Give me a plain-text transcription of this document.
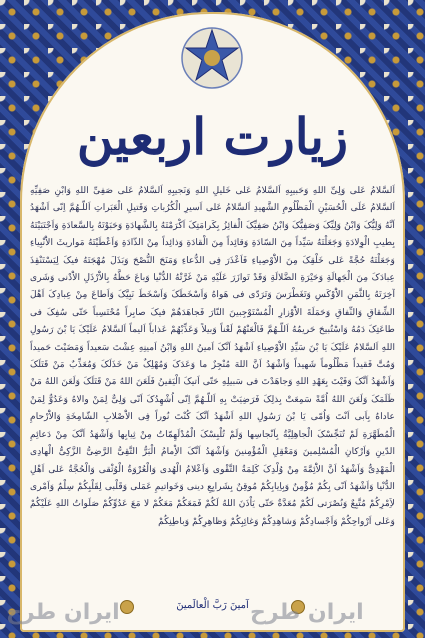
زیارت اربعین

اَلسَّلامُ عَلی وَلِیِّ اللهِ وَحَبیبِهِ اَلسَّلامُ عَلی خَلیلِ اللهِ وَنَجیبِهِ اَلسَّلامُ عَلی صَفِیِّ اللهِ وَابْنِ صَفِیِّهِ اَلسَّلامُ عَلَی الْحُسَیْنِ الْمَظْلُومِ الشَّهیدِ اَلسَّلامُ عَلی اَسیرِ الْکُرُباتِ وَقَتیلِ الْعَبَراتِ اَللّـهُمَّ اِنّی اَشْهَدُ اَنَّهُ وَلِیُّکَ وَابْنُ وَلِیِّکَ وَصَفِیُّکَ وَابْنُ صَفِیِّکَ الْفائِزُ بِکَرامَتِکَ اَکْرَمْتَهُ بِالشَّهادَةِ وَحَبَوْتَهُ بِالسَّعادَةِ وَاَجْتَبَیْتَهُ بِطیبِ الْوِلادَةِ وَجَعَلْتَهُ سَیِّداً مِنَ السّادَةِ وَقائِداً مِنَ الْقادَةِ وَذائِداً مِنْ الذّادَةِ وَاَعْطَیْتَهُ مَواریثَ الاَْنْبِیاءِ وَجَعَلْتَهُ حُجَّةً عَلی خَلْقِکَ مِنَ الاَْوْصِیاءِ فَاَعْذَرَ فِی الدُّعاءِ وَمَنَحَ النُّصْحَ وَبَذَلَ مُهْجَتَهُ فیکَ لِیَسْتَنْقِذَ عِبادَکَ مِنَ الْجَهالَةِ وَحَیْرَةِ الضَّلالَةِ وَقَدْ تَوازَرَ عَلَیْهِ مَنْ غَرَّتْهُ الدُّنْیا وَباعَ حَظَّهُ بِالاَْرْذَلِ الاَْدْنی وَشَری آخِرَتَهُ بِالثَّمَنِ الاَْوْکَسِ وَتَغَطْرَسَ وَتَرَدّی فی هَواهُ وَاَسْخَطَکَ وَاَسْخَطَ نَبِیَّکَ وَاَطاعَ مِنْ عِبادِکَ اَهْلَ الشِّقاقِ وَالنِّفاقِ وَحَمَلَةَ الاَْوْزارِ الْمُسْتَوْجِبینَ النّارَ فَجاهَدَهُمْ فیکَ صابِراً مُحْتَسِباً حَتّی سُفِکَ فی طاعَتِکَ دَمُهُ وَاسْتُبیحَ حَریمُهُ اَللّـهُمَّ فَالْعَنْهُمْ لَعْناً وَبیلاً وَعَذِّبْهُمْ عَذاباً اَلیماً اَلسَّلامُ عَلَیْکَ یَا بْنَ رَسُولِ اللهِ اَلسَّلامُ عَلَیْکَ یَا بْنَ سَیِّدِ الاَْوْصِیاءِ اَشْهَدُ اَنَّکَ اَمینُ اللهِ وَابْنُ اَمینِهِ عِشْتَ سَعیداً وَمَضَیْتَ حَمیداً وَمُتَّ فَقیداً مَظْلُوماً شَهیداً وَاَشْهَدُ اَنَّ اللهَ مُنْجِزٌ ما وَعَدَکَ وَمُهْلِکٌ مَنْ خَذَلَکَ وَمُعَذِّبٌ مَنْ قَتَلَکَ وَاَشْهَدُ اَنَّکَ وَفَیْتَ بِعَهْدِ اللهِ وَجاهَدْتَ فی سَبیلِهِ حَتّی اَتیکَ الْیَقینُ فَلَعَنَ اللهُ مَنْ قَتَلَکَ وَلَعَنَ اللهُ مَنْ ظَلَمَکَ وَلَعَنَ اللهُ اُمَّةً سَمِعَتْ بِذلِکَ فَرَضِیَتْ بِهِ اَللّـهُمَّ اِنّی اُشْهِدُکَ اَنّی وَلِیٌّ لِمَنْ والاهُ وَعَدُوٌّ لِمَنْ عاداهُ بِاَبی اَنْتَ وَاُمّی یَا بْنَ رَسُولِ اللهِ اَشْهَدُ اَنَّکَ کُنْتَ نُوراً فِی الاَْصْلابِ الشّامِخَةِ وَالاَْرْحامِ الْمُطَهَّرَةِ لَمْ تُنَجِّسْکَ الْجاهِلِیَّةُ بِاَنْجاسِها وَلَمْ تُلْبِسْکَ الْمُدْلَهِمّاتُ مِنْ ثِیابِها وَاَشْهَدُ اَنَّکَ مِنْ دَعائِمِ الدّینِ وَاَرْکانِ الْمُسْلِمینَ وَمَعْقِلِ الْمُؤْمِنینَ وَاَشْهَدُ اَنَّکَ الاِْمامُ الْبَرُّ التَّقِیُّ الرَّضِیُّ الزَّکِیُّ الْهادِی الْمَهْدِیُّ وَاَشْهَدُ اَنَّ الاَْئِمَّةَ مِنْ وُلْدِکَ کَلِمَةُ التَّقْوی وَاَعْلامُ الْهُدی وَالْعُرْوَةُ الْوُثْقی وَالْحُجَّةُ عَلی اَهْلِ الدُّنْیا وَاَشْهَدُ اَنّی بِکُمْ مُؤْمِنٌ وَبِاِیابِکُمْ مُوقِنٌ بِشَرایِعِ دینی وَخَواتیمِ عَمَلی وَقَلْبی لِقَلْبِکُمْ سِلْمٌ وَاَمْری لاَِمْرِکُمْ مُتَّبِعٌ وَنُصْرَتی لَکُمْ مُعَدَّةٌ حَتّی یَاْذَنَ اللهُ لَکُمْ فَمَعَکُمْ مَعَکُمْ لا مَعَ عَدُوِّکُمْ صَلَواتُ اللهِ عَلَیْکُمْ وَعَلی اَرْواحِکُمْ وَاَجْسادِکُمْ وَشاهِدِکُمْ وَغائِبِکُمْ وَظاهِرِکُمْ وَباطِنِکُمْ

آمینَ رَبَّ الْعالَمینَ
ایران طرح	ایران طرح
